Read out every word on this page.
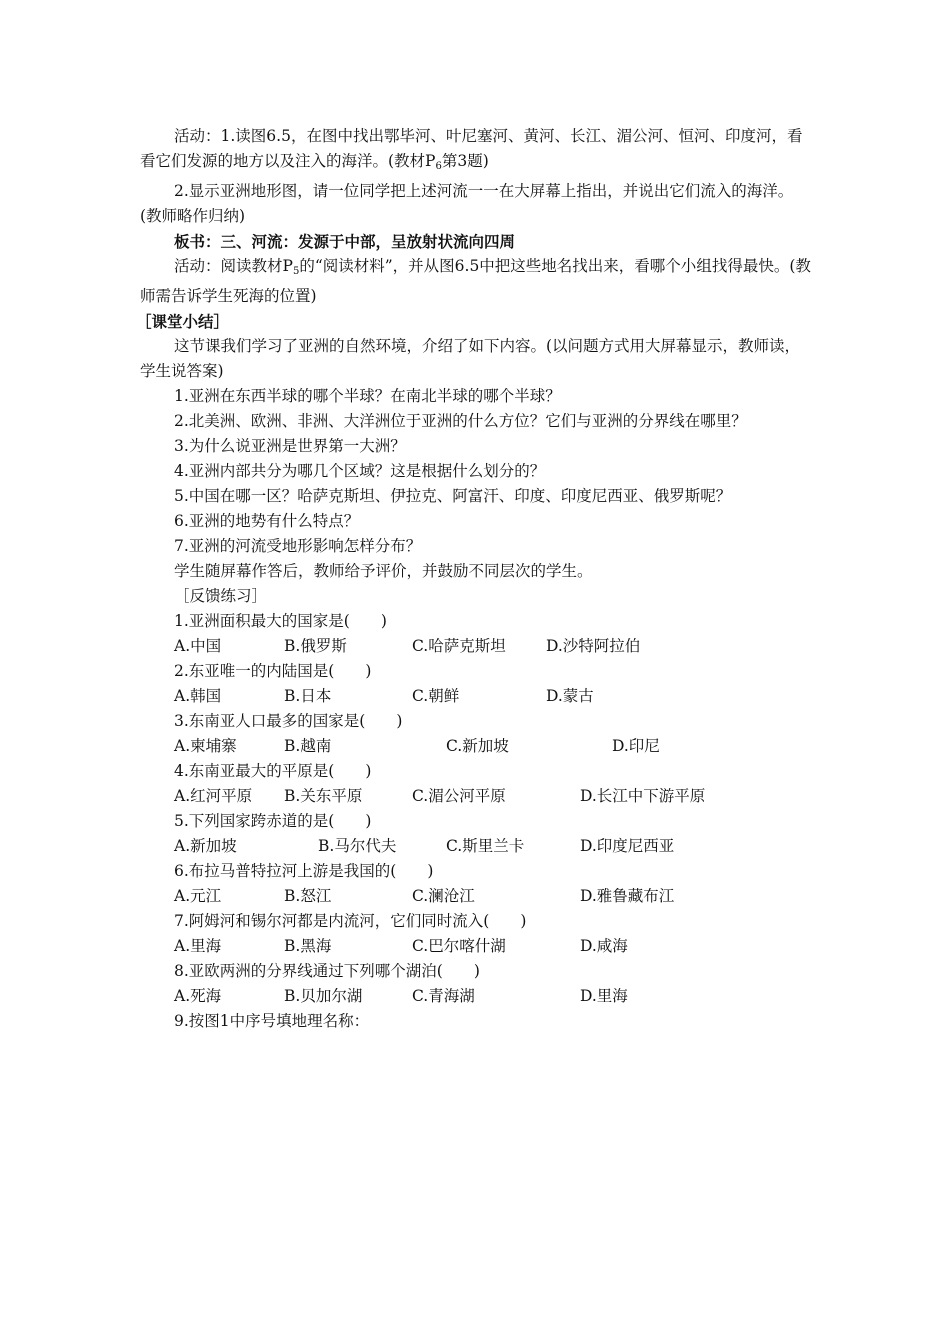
活动：1.读图6.5，在图中找出鄂毕河、叶尼塞河、黄河、长江、湄公河、恒河、印度河，看看它们发源的地方以及注入的海洋。(教材$P_6$第3题)

2.显示亚洲地形图，请一位同学把上述河流一一在大屏幕上指出，并说出它们流入的海洋。(教师略作归纳)

板书：三、河流：发源于中部，呈放射状流向四周

活动：阅读教材$P_5$的“阅读材料”，并从图6.5中把这些地名找出来，看哪个小组找得最快。(教师需告诉学生死海的位置)

［课堂小结］

这节课我们学习了亚洲的自然环境，介绍了如下内容。(以问题方式用大屏幕显示，教师读，学生说答案)

1.亚洲在东西半球的哪个半球？在南北半球的哪个半球？

2.北美洲、欧洲、非洲、大洋洲位于亚洲的什么方位？它们与亚洲的分界线在哪里？

3.为什么说亚洲是世界第一大洲？

4.亚洲内部共分为哪几个区域？这是根据什么划分的？

5.中国在哪一区？哈萨克斯坦、伊拉克、阿富汗、印度、印度尼西亚、俄罗斯呢？

6.亚洲的地势有什么特点？

7.亚洲的河流受地形影响怎样分布？

学生随屏幕作答后，教师给予评价，并鼓励不同层次的学生。

［反馈练习］

1.亚洲面积最大的国家是(　　)

A.中国	B.俄罗斯	C.哈萨克斯坦	D.沙特阿拉伯

2.东亚唯一的内陆国是(　　)

A.韩国	B.日本	C.朝鲜	D.蒙古

3.东南亚人口最多的国家是(　　)

A.柬埔寨	B.越南	C.新加坡	D.印尼

4.东南亚最大的平原是(　　)

A.红河平原 B.关东平原	C.湄公河平原	D.长江中下游平原

5.下列国家跨赤道的是(　　)

A.新加坡	B.马尔代夫	C.斯里兰卡	D.印度尼西亚

6.布拉马普特拉河上游是我国的(　　)

A.元江	B.怒江	C.澜沧江	D.雅鲁藏布江

7.阿姆河和锡尔河都是内流河，它们同时流入(　　)

A.里海	B.黑海	C.巴尔喀什湖	D.咸海

8.亚欧两洲的分界线通过下列哪个湖泊(　　)

A.死海	B.贝加尔湖	C.青海湖	D.里海

9.按图1中序号填地理名称：
